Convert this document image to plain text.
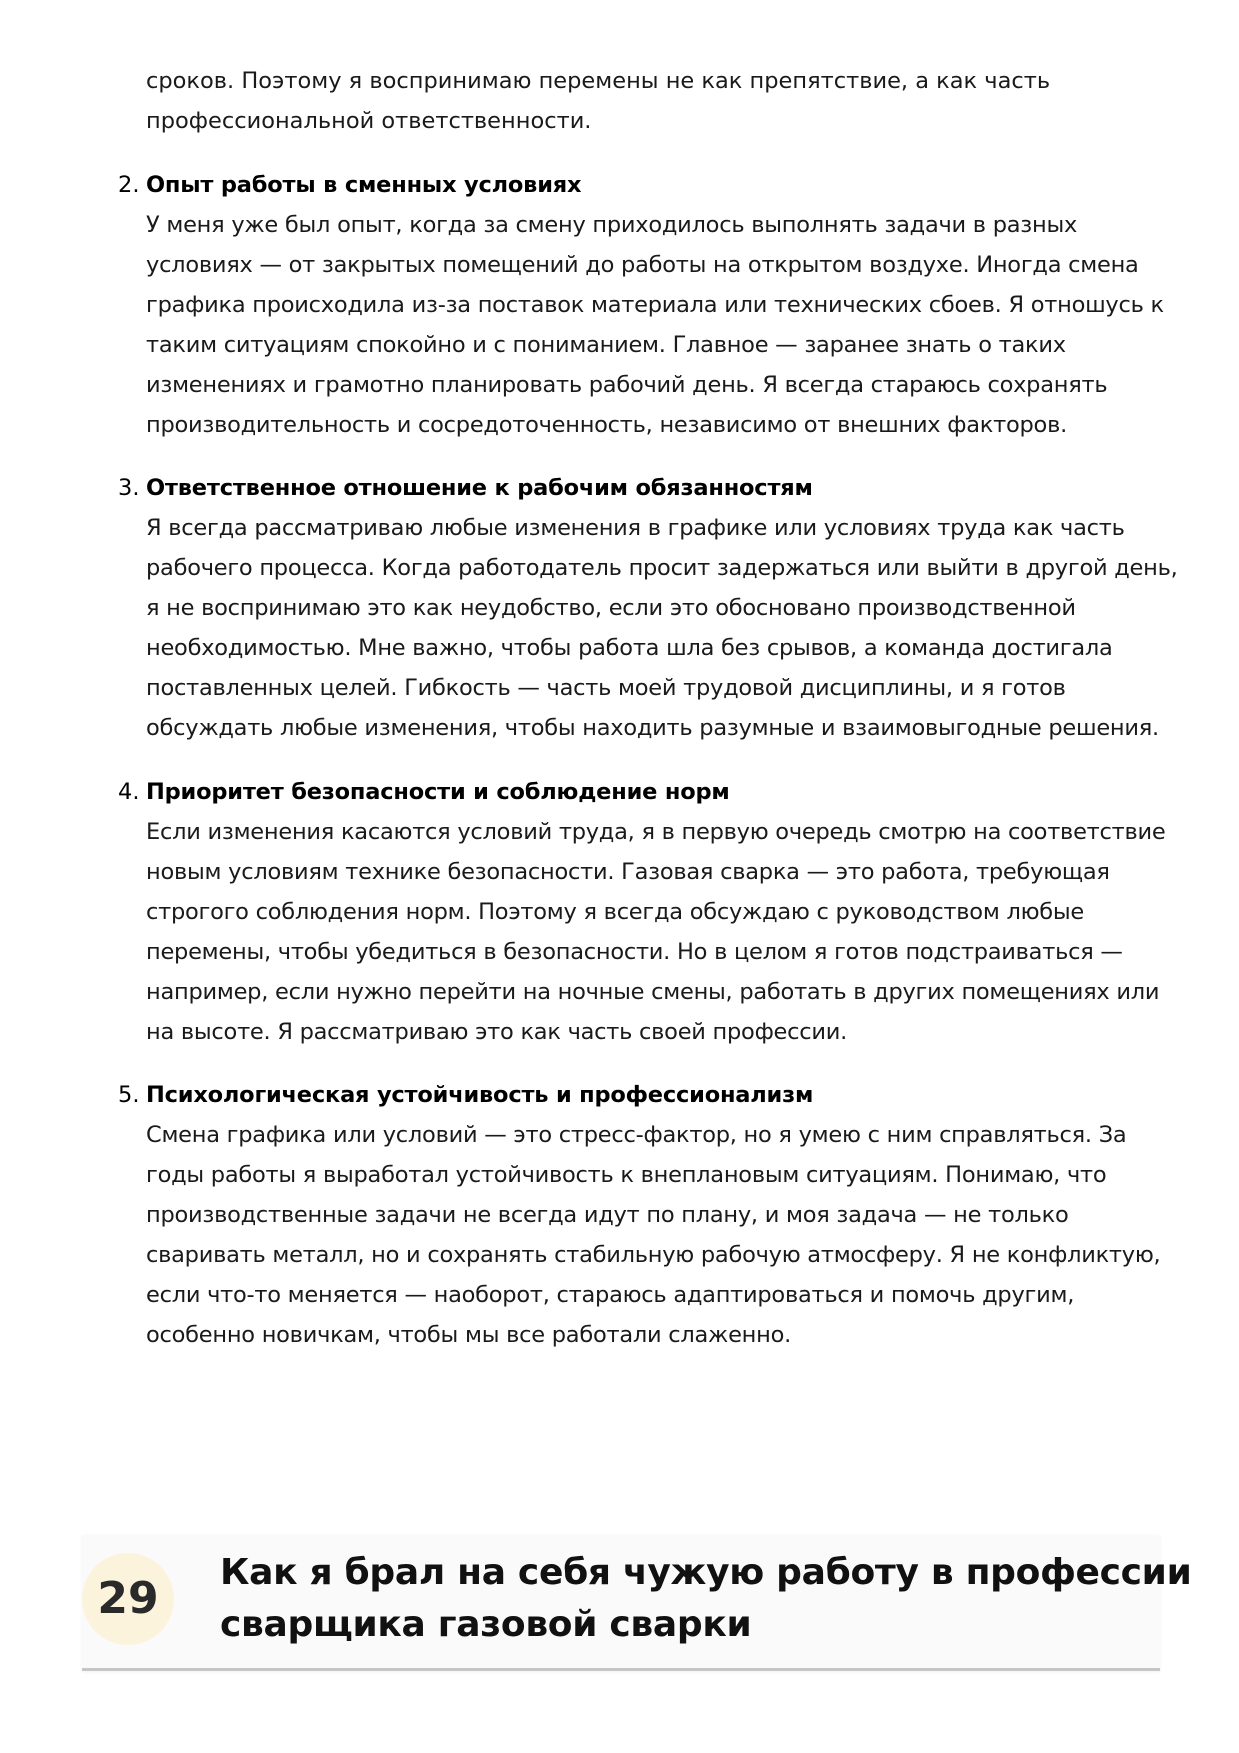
сроков. Поэтому я воспринимаю перемены не как препятствие, а как часть
профессиональной ответственности.

2. Опыт работы в сменных условиях

У меня уже был опыт, когда за смену приходилось выполнять задачи в разных
условиях — от закрытых помещений до работы на открытом воздухе. Иногда смена
графика происходила из-за поставок материала или технических сбоев. Я отношусь к
таким ситуациям спокойно и с пониманием. Главное — заранее знать о таких
изменениях и грамотно планировать рабочий день. Я всегда стараюсь сохранять
производительность и сосредоточенность, независимо от внешних факторов.

3. Ответственное отношение к рабочим обязанностям

Я всегда рассматриваю любые изменения в графике или условиях труда как часть
рабочего процесса. Когда работодатель просит задержаться или выйти в другой день,
я не воспринимаю это как неудобство, если это обосновано производственной
необходимостью. Мне важно, чтобы работа шла без срывов, а команда достигала
поставленных целей. Гибкость — часть моей трудовой дисциплины, и я готов
обсуждать любые изменения, чтобы находить разумные и взаимовыгодные решения.

4. Приоритет безопасности и соблюдение норм

Если изменения касаются условий труда, я в первую очередь смотрю на соответствие
новым условиям технике безопасности. Газовая сварка — это работа, требующая
строгого соблюдения норм. Поэтому я всегда обсуждаю с руководством любые
перемены, чтобы убедиться в безопасности. Но в целом я готов подстраиваться —
например, если нужно перейти на ночные смены, работать в других помещениях или
на высоте. Я рассматриваю это как часть своей профессии.

5. Психологическая устойчивость и профессионализм

Смена графика или условий — это стресс-фактор, но я умею с ним справляться. За
годы работы я выработал устойчивость к внеплановым ситуациям. Понимаю, что
производственные задачи не всегда идут по плану, и моя задача — не только
сваривать металл, но и сохранять стабильную рабочую атмосферу. Я не конфликтую,
если что-то меняется — наоборот, стараюсь адаптироваться и помочь другим,
особенно новичкам, чтобы мы все работали слаженно.

29
Как я брал на себя чужую работу в профессии
сварщика газовой сварки
